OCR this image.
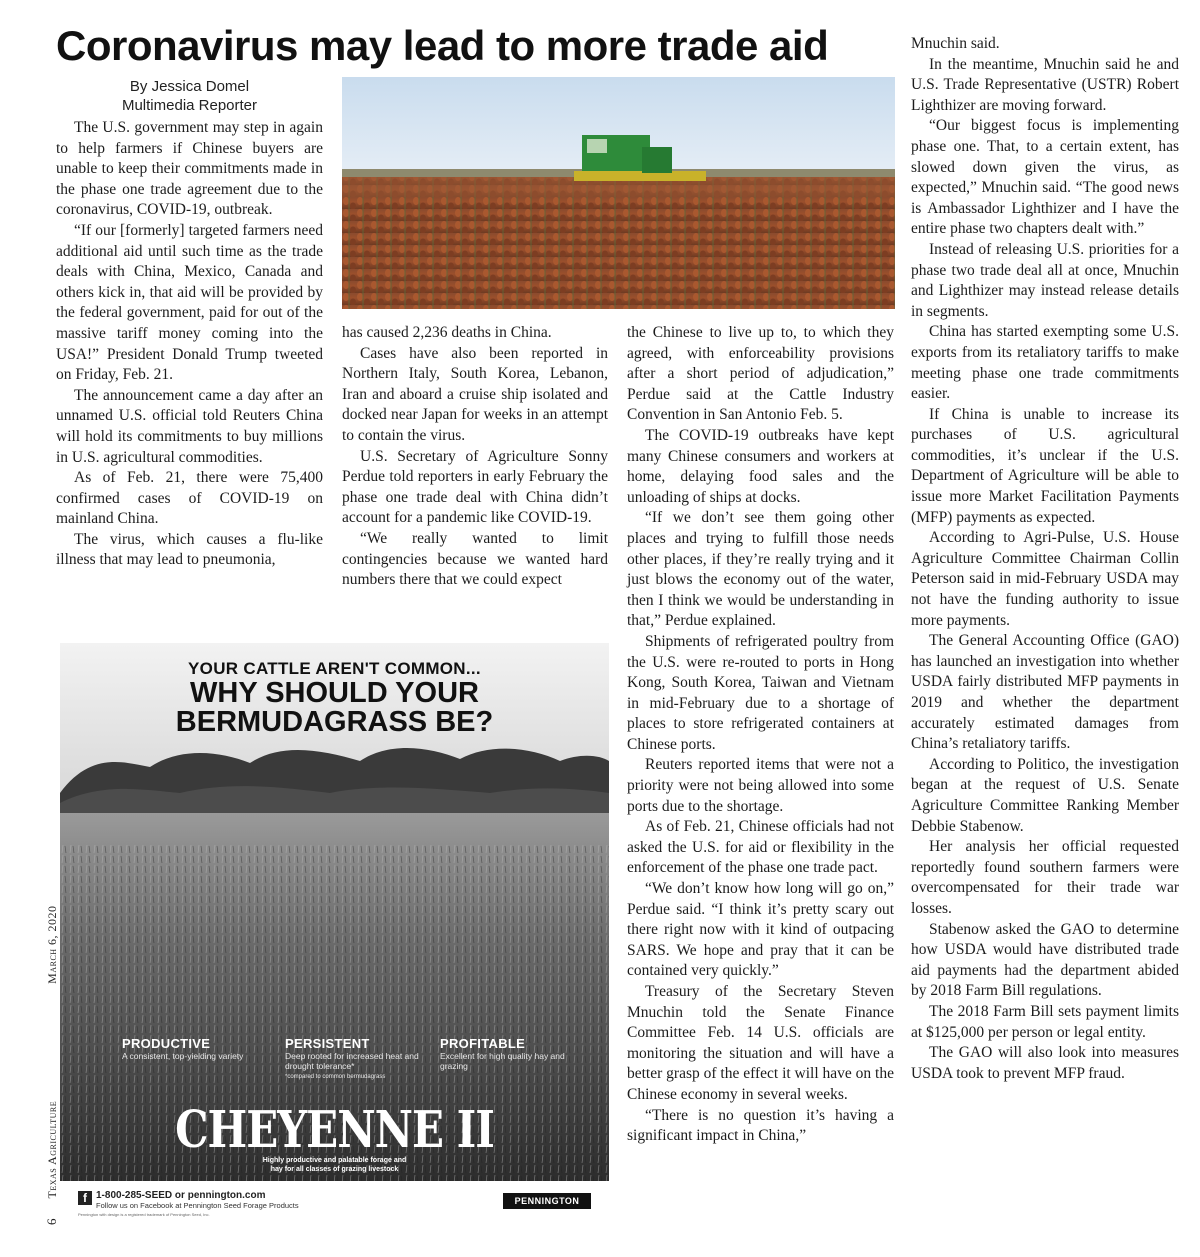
Coronavirus may lead to more trade aid
By Jessica Domel
Multimedia Reporter

The U.S. government may step in again to help farmers if Chinese buyers are unable to keep their commitments made in the phase one trade agreement due to the coronavirus, COVID-19, outbreak.

“If our [formerly] targeted farmers need additional aid until such time as the trade deals with China, Mexico, Canada and others kick in, that aid will be provided by the federal government, paid for out of the massive tariff money coming into the USA!” President Donald Trump tweeted on Friday, Feb. 21.

The announcement came a day after an unnamed U.S. official told Reuters China will hold its commitments to buy millions in U.S. agricultural commodities.

As of Feb. 21, there were 75,400 confirmed cases of COVID-19 on mainland China.

The virus, which causes a flu-like illness that may lead to pneumonia,

has caused 2,236 deaths in China.

Cases have also been reported in Northern Italy, South Korea, Lebanon, Iran and aboard a cruise ship isolated and docked near Japan for weeks in an attempt to contain the virus.

U.S. Secretary of Agriculture Sonny Perdue told reporters in early February the phase one trade deal with China didn’t account for a pandemic like COVID-19.

“We really wanted to limit contingencies because we wanted hard numbers there that we could expect

the Chinese to live up to, to which they agreed, with enforceability provisions after a short period of adjudication,” Perdue said at the Cattle Industry Convention in San Antonio Feb. 5.

The COVID-19 outbreaks have kept many Chinese consumers and workers at home, delaying food sales and the unloading of ships at docks.

“If we don’t see them going other places and trying to fulfill those needs other places, if they’re really trying and it just blows the economy out of the water, then I think we would be understanding in that,” Perdue explained.

Shipments of refrigerated poultry from the U.S. were re-routed to ports in Hong Kong, South Korea, Taiwan and Vietnam in mid-February due to a shortage of places to store refrigerated containers at Chinese ports.

Reuters reported items that were not a priority were not being allowed into some ports due to the shortage.

As of Feb. 21, Chinese officials had not asked the U.S. for aid or flexibility in the enforcement of the phase one trade pact.

“We don’t know how long will go on,” Perdue said. “I think it’s pretty scary out there right now with it kind of outpacing SARS. We hope and pray that it can be contained very quickly.”

Treasury of the Secretary Steven Mnuchin told the Senate Finance Committee Feb. 14 U.S. officials are monitoring the situation and will have a better grasp of the effect it will have on the Chinese economy in several weeks.

“There is no question it’s having a significant impact in China,”

Mnuchin said.

In the meantime, Mnuchin said he and U.S. Trade Representative (USTR) Robert Lighthizer are moving forward.

“Our biggest focus is implementing phase one. That, to a certain extent, has slowed down given the virus, as expected,” Mnuchin said. “The good news is Ambassador Lighthizer and I have the entire phase two chapters dealt with.”

Instead of releasing U.S. priorities for a phase two trade deal all at once, Mnuchin and Lighthizer may instead release details in segments.

China has started exempting some U.S. exports from its retaliatory tariffs to make meeting phase one trade commitments easier.

If China is unable to increase its purchases of U.S. agricultural commodities, it’s unclear if the U.S. Department of Agriculture will be able to issue more Market Facilitation Payments (MFP) payments as expected.

According to Agri-Pulse, U.S. House Agriculture Committee Chairman Collin Peterson said in mid-February USDA may not have the funding authority to issue more payments.

The General Accounting Office (GAO) has launched an investigation into whether USDA fairly distributed MFP payments in 2019 and whether the department accurately estimated damages from China’s retaliatory tariffs.

According to Politico, the investigation began at the request of U.S. Senate Agriculture Committee Ranking Member Debbie Stabenow.

Her analysis her official requested reportedly found southern farmers were overcompensated for their trade war losses.

Stabenow asked the GAO to determine how USDA would have distributed trade aid payments had the department abided by 2018 Farm Bill regulations.

The 2018 Farm Bill sets payment limits at $125,000 per person or legal entity.

The GAO will also look into measures USDA took to prevent MFP fraud.

6 Texas Agriculture  March 6, 2020
YOUR CATTLE AREN'T COMMON...
WHY SHOULD YOUR
BERMUDAGRASS BE?
PRODUCTIVE
A consistent, top-yielding variety
PERSISTENT
Deep rooted for increased heat and drought tolerance*
*compared to common bermudagrass
PROFITABLE
Excellent for high quality hay and grazing
CHEYENNE II
Highly productive and palatable forage and
hay for all classes of grazing livestock
f 1-800-285-SEED or pennington.com
Follow us on Facebook at Pennington Seed Forage Products
Pennington with design is a registered trademark of Pennington Seed, Inc.
PENNINGTON
